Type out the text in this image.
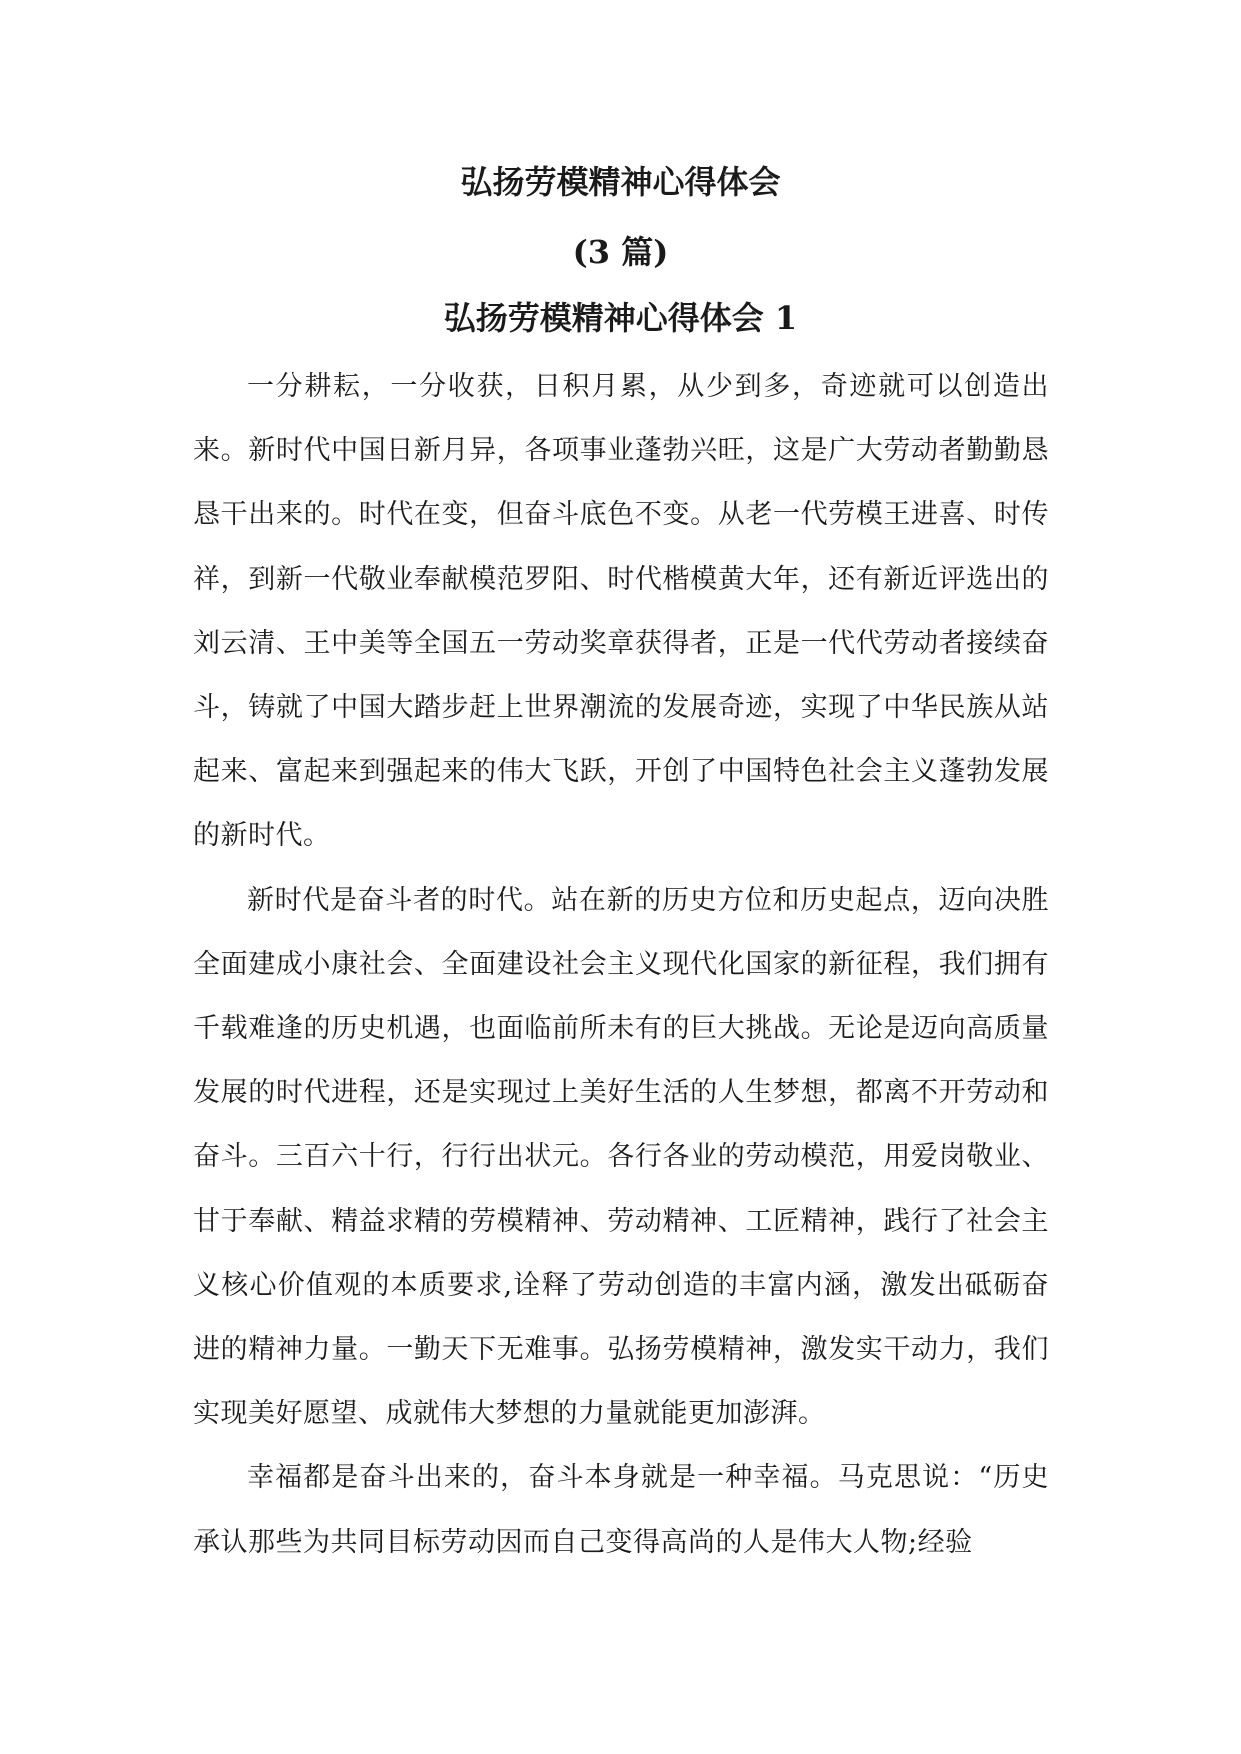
弘扬劳模精神心得体会
(3 篇)
弘扬劳模精神心得体会 1

一分耕耘，一分收获，日积月累，从少到多，奇迹就可以创造出来。新时代中国日新月异，各项事业蓬勃兴旺，这是广大劳动者勤勤恳恳干出来的。时代在变，但奋斗底色不变。从老一代劳模王进喜、时传祥，到新一代敬业奉献模范罗阳、时代楷模黄大年，还有新近评选出的刘云清、王中美等全国五一劳动奖章获得者，正是一代代劳动者接续奋斗，铸就了中国大踏步赶上世界潮流的发展奇迹，实现了中华民族从站起来、富起来到强起来的伟大飞跃，开创了中国特色社会主义蓬勃发展的新时代。

新时代是奋斗者的时代。站在新的历史方位和历史起点，迈向决胜全面建成小康社会、全面建设社会主义现代化国家的新征程，我们拥有千载难逢的历史机遇，也面临前所未有的巨大挑战。无论是迈向高质量发展的时代进程，还是实现过上美好生活的人生梦想，都离不开劳动和奋斗。三百六十行，行行出状元。各行各业的劳动模范，用爱岗敬业、甘于奉献、精益求精的劳模精神、劳动精神、工匠精神，践行了社会主义核心价值观的本质要求,诠释了劳动创造的丰富内涵，激发出砥砺奋进的精神力量。一勤天下无难事。弘扬劳模精神，激发实干动力，我们实现美好愿望、成就伟大梦想的力量就能更加澎湃。

幸福都是奋斗出来的，奋斗本身就是一种幸福。马克思说：“历史承认那些为共同目标劳动因而自己变得高尚的人是伟大人物;经验
